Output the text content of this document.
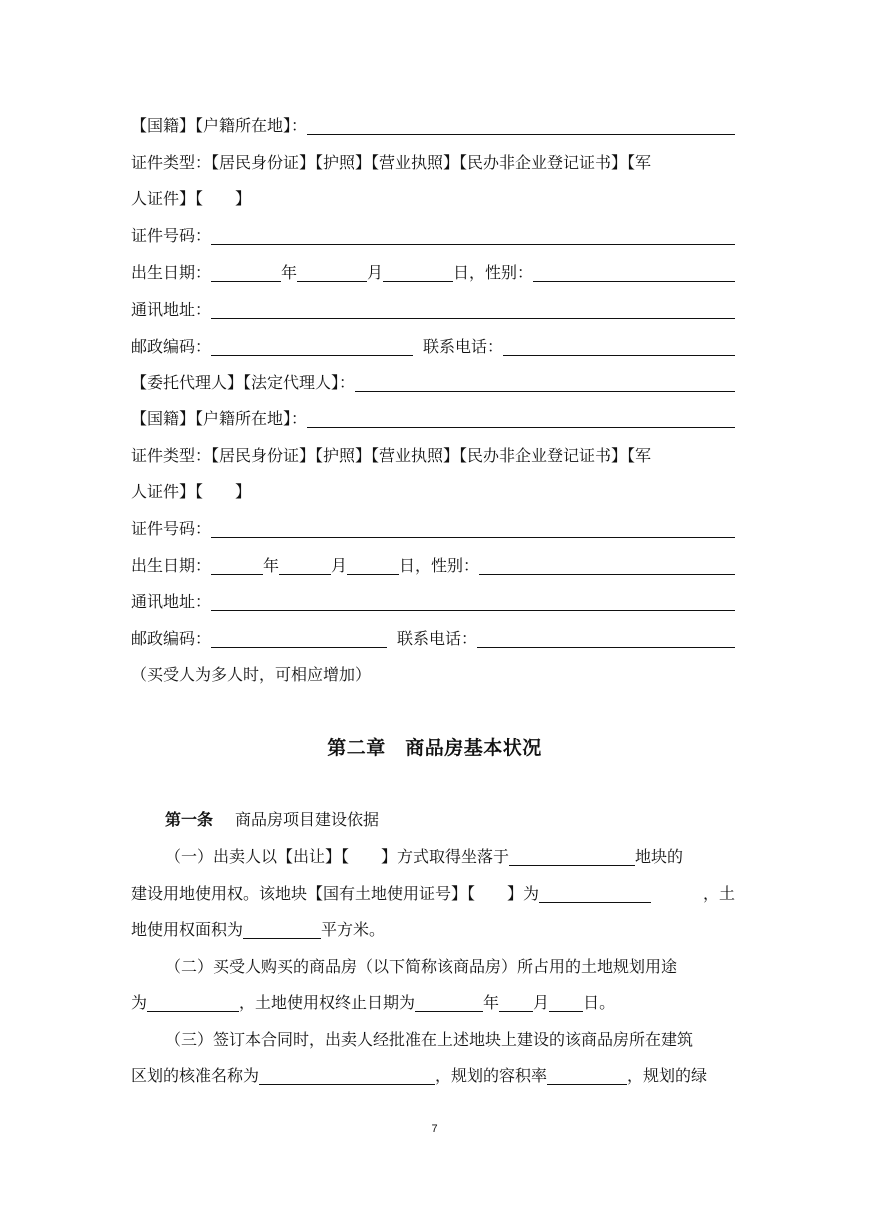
【国籍】【户籍所在地】：
证件类型：【居民身份证】【护照】【营业执照】【民办非企业登记证书】【军
人证件】【　　】
证件号码：
出生日期：	年	月	日，性别：
通讯地址：
邮政编码：	联系电话：
【委托代理人】【法定代理人】：
【国籍】【户籍所在地】：
证件类型：【居民身份证】【护照】【营业执照】【民办非企业登记证书】【军
人证件】【　　】
证件号码：
出生日期：	年	月	日，性别：
通讯地址：
邮政编码：	联系电话：
（买受人为多人时，可相应增加）
第二章　商品房基本状况
第一条 商品房项目建设依据
（一）出卖人以【出让】【　　】方式取得坐落于	地块的
建设用地使用权。该地块【国有土地使用证号】【　　】为	，土
地使用权面积为	平方米。
（二）买受人购买的商品房（以下简称该商品房）所占用的土地规划用途
为	，土地使用权终止日期为	年 月 日。
（三）签订本合同时，出卖人经批准在上述地块上建设的该商品房所在建筑
区划的核准名称为	，规划的容积率	，规划的绿
7
